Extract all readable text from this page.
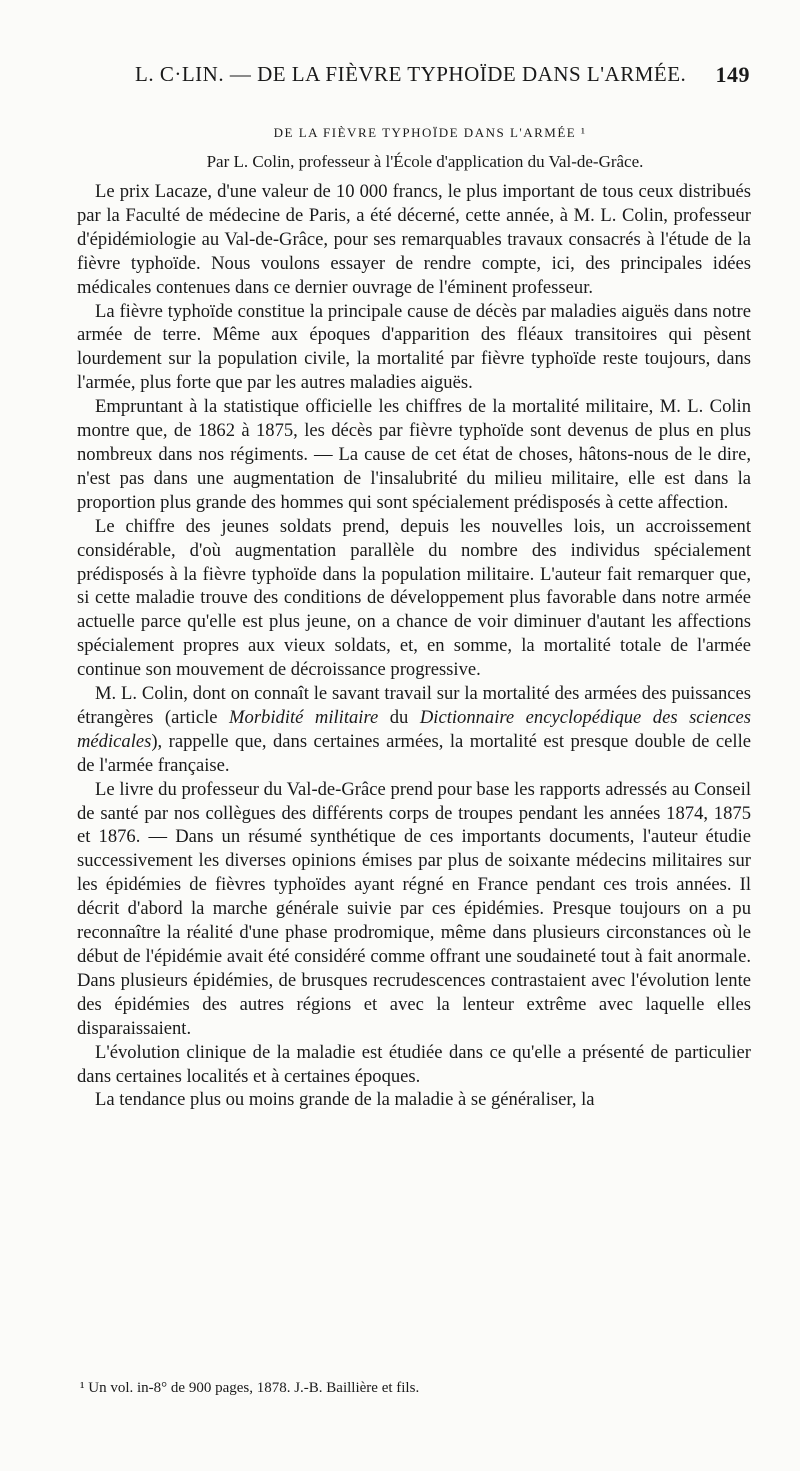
L. C·LIN. — DE LA FIÈVRE TYPHOÏDE DANS L'ARMÉE. 149
DE LA FIÈVRE TYPHOÏDE DANS L'ARMÉE ¹
Par L. Colin, professeur à l'École d'application du Val-de-Grâce.

Le prix Lacaze, d'une valeur de 10 000 francs, le plus important de tous ceux distribués par la Faculté de médecine de Paris, a été décerné, cette année, à M. L. Colin, professeur d'épidémiologie au Val-de-Grâce, pour ses remarquables travaux consacrés à l'étude de la fièvre typhoïde. Nous voulons essayer de rendre compte, ici, des principales idées médicales contenues dans ce dernier ouvrage de l'éminent professeur.

La fièvre typhoïde constitue la principale cause de décès par maladies aiguës dans notre armée de terre. Même aux époques d'apparition des fléaux transitoires qui pèsent lourdement sur la population civile, la mortalité par fièvre typhoïde reste toujours, dans l'armée, plus forte que par les autres maladies aiguës.

Empruntant à la statistique officielle les chiffres de la mortalité militaire, M. L. Colin montre que, de 1862 à 1875, les décès par fièvre typhoïde sont devenus de plus en plus nombreux dans nos régiments. — La cause de cet état de choses, hâtons-nous de le dire, n'est pas dans une augmentation de l'insalubrité du milieu militaire, elle est dans la proportion plus grande des hommes qui sont spécialement prédisposés à cette affection.

Le chiffre des jeunes soldats prend, depuis les nouvelles lois, un accroissement considérable, d'où augmentation parallèle du nombre des individus spécialement prédisposés à la fièvre typhoïde dans la population militaire. L'auteur fait remarquer que, si cette maladie trouve des conditions de développement plus favorable dans notre armée actuelle parce qu'elle est plus jeune, on a chance de voir diminuer d'autant les affections spécialement propres aux vieux soldats, et, en somme, la mortalité totale de l'armée continue son mouvement de décroissance progressive.

M. L. Colin, dont on connaît le savant travail sur la mortalité des armées des puissances étrangères (article Morbidité militaire du Dictionnaire encyclopédique des sciences médicales), rappelle que, dans certaines armées, la mortalité est presque double de celle de l'armée française.

Le livre du professeur du Val-de-Grâce prend pour base les rapports adressés au Conseil de santé par nos collègues des différents corps de troupes pendant les années 1874, 1875 et 1876. — Dans un résumé synthétique de ces importants documents, l'auteur étudie successivement les diverses opinions émises par plus de soixante médecins militaires sur les épidémies de fièvres typhoïdes ayant régné en France pendant ces trois années. Il décrit d'abord la marche générale suivie par ces épidémies. Presque toujours on a pu reconnaître la réalité d'une phase prodromique, même dans plusieurs circonstances où le début de l'épidémie avait été considéré comme offrant une soudaineté tout à fait anormale. Dans plusieurs épidémies, de brusques recrudescences contrastaient avec l'évolution lente des épidémies des autres régions et avec la lenteur extrême avec laquelle elles disparaissaient.

L'évolution clinique de la maladie est étudiée dans ce qu'elle a présenté de particulier dans certaines localités et à certaines époques.

La tendance plus ou moins grande de la maladie à se généraliser, la

¹ Un vol. in-8° de 900 pages, 1878. J.-B. Baillière et fils.
